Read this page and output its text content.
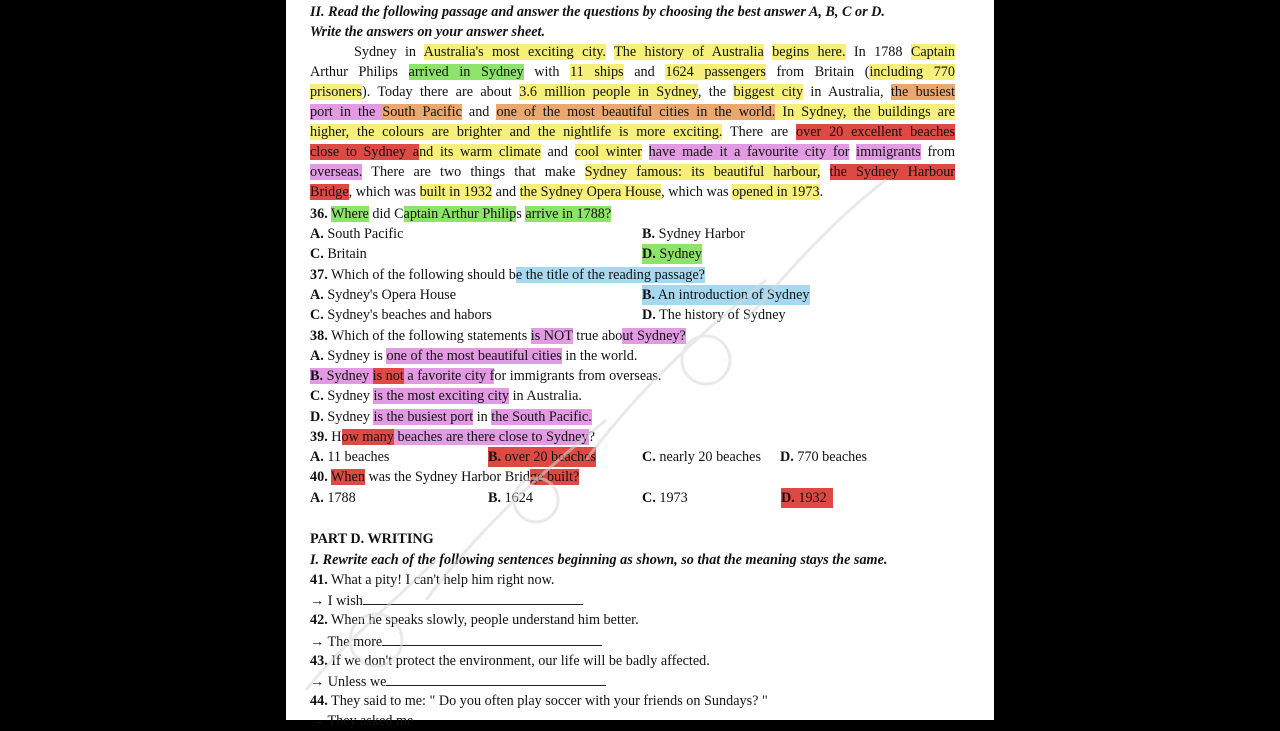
II. Read the following passage and answer the questions by choosing the best answer A, B, C or D.
Write the answers on your answer sheet.
Sydney in Australia's most exciting city. The history of Australia begins here. In 1788 Captain
Arthur Philips arrived in Sydney with 11 ships and 1624 passengers from Britain (including 770
prisoners). Today there are about 3.6 million people in Sydney, the biggest city in Australia, the busiest
port in the South Pacific and one of the most beautiful cities in the world. In Sydney, the buildings are
higher, the colours are brighter and the nightlife is more exciting. There are over 20 excellent beaches
close to Sydney and its warm climate and cool winter have made it a favourite city for immigrants from
overseas. There are two things that make Sydney famous: its beautiful harbour, the Sydney Harbour
Bridge, which was built in 1932 and the Sydney Opera House, which was opened in 1973.
36. Where did Captain Arthur Philips arrive in 1788?
A. South Pacific	B. Sydney Harbor
C. Britain	D. Sydney
37. Which of the following should be the title of the reading passage?
A. Sydney's Opera House	B. An introduction of Sydney
C. Sydney's beaches and habors	D. The history of Sydney
38. Which of the following statements is NOT true about Sydney?
A. Sydney is one of the most beautiful cities in the world.
B. Sydney is not a favorite city for immigrants from overseas.
C. Sydney is the most exciting city in Australia.
D. Sydney is the busiest port in the South Pacific.
39. How many beaches are there close to Sydney?
A. 11 beaches	B. over 20 beaches	C. nearly 20 beaches D. 770 beaches
40. When was the Sydney Harbor Bridge built?
A. 1788	B. 1624	C. 1973	D. 1932
PART D. WRITING
I. Rewrite each of the following sentences beginning as shown, so that the meaning stays the same.
41. What a pity! I can't help him right now.
→ I wish
42. When he speaks slowly, people understand him better.
→ The more
43. If we don't protect the environment, our life will be badly affected.
→ Unless we
44. They said to me: " Do you often play soccer with your friends on Sundays? "
→ They asked me
